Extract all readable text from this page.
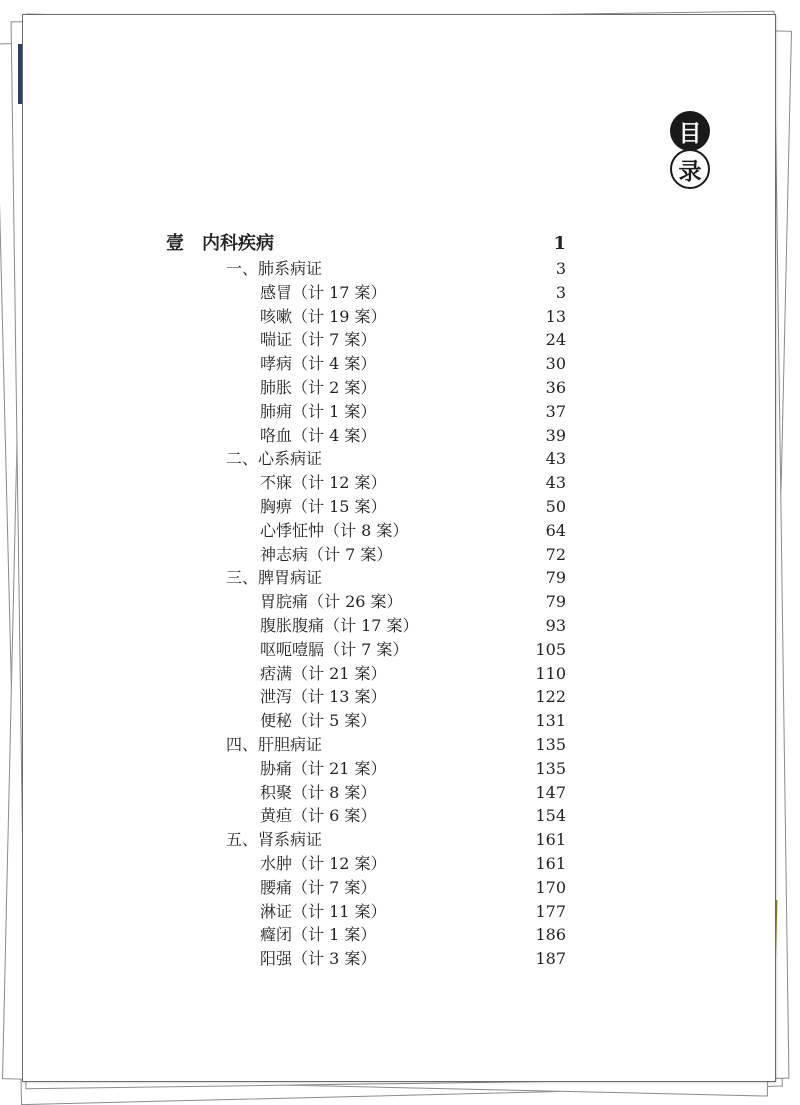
目
录
壹 内科疾病	1
一、肺系病证	3
感冒（计 17 案）	3
咳嗽（计 19 案）	13
喘证（计 7 案）	24
哮病（计 4 案）	30
肺胀（计 2 案）	36
肺痈（计 1 案）	37
咯血（计 4 案）	39
二、心系病证	43
不寐（计 12 案）	43
胸痹（计 15 案）	50
心悸怔忡（计 8 案）	64
神志病（计 7 案）	72
三、脾胃病证	79
胃脘痛（计 26 案）	79
腹胀腹痛（计 17 案）	93
呕呃噎膈（计 7 案）	105
痞满（计 21 案）	110
泄泻（计 13 案）	122
便秘（计 5 案）	131
四、肝胆病证	135
胁痛（计 21 案）	135
积聚（计 8 案）	147
黄疸（计 6 案）	154
五、肾系病证	161
水肿（计 12 案）	161
腰痛（计 7 案）	170
淋证（计 11 案）	177
癃闭（计 1 案）	186
阳强（计 3 案）	187
